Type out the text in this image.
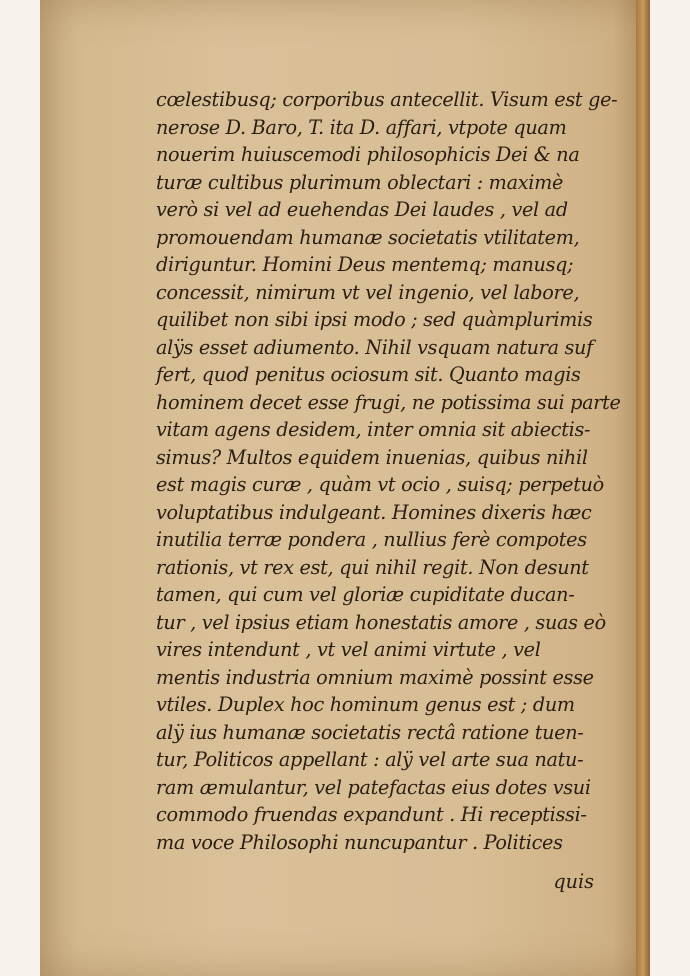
cœlestibusq; corporibus antecellit. Visum est ge-
nerose D. Baro, T. ita D. affari, vtpote quam
nouerim huiuscemodi philosophicis Dei & na
turæ cultibus plurimum oblectari : maximè
verò si vel ad euehendas Dei laudes , vel ad
promouendam humanæ societatis vtilitatem,
diriguntur. Homini Deus mentemq; manusq;
concessit, nimirum vt vel ingenio, vel labore,
quilibet non sibi ipsi modo ; sed quàmplurimis
alÿs esset adiumento. Nihil vsquam natura suf
fert, quod penitus ociosum sit. Quanto magis
hominem decet esse frugi, ne potissima sui parte
vitam agens desidem, inter omnia sit abiectis-
simus? Multos equidem inuenias, quibus nihil
est magis curæ , quàm vt ocio , suisq; perpetuò
voluptatibus indulgeant. Homines dixeris hæc
inutilia terræ pondera , nullius ferè compotes
rationis, vt rex est, qui nihil regit. Non desunt
tamen, qui cum vel gloriæ cupiditate ducan-
tur , vel ipsius etiam honestatis amore , suas eò
vires intendunt , vt vel animi virtute , vel
mentis industria omnium maximè possint esse
vtiles. Duplex hoc hominum genus est ; dum
alÿ ius humanæ societatis rectâ ratione tuen-
tur, Politicos appellant : alÿ vel arte sua natu-
ram æmulantur, vel patefactas eius dotes vsui
commodo fruendas expandunt . Hi receptissi-
ma voce Philosophi nuncupantur . Politices
quis
